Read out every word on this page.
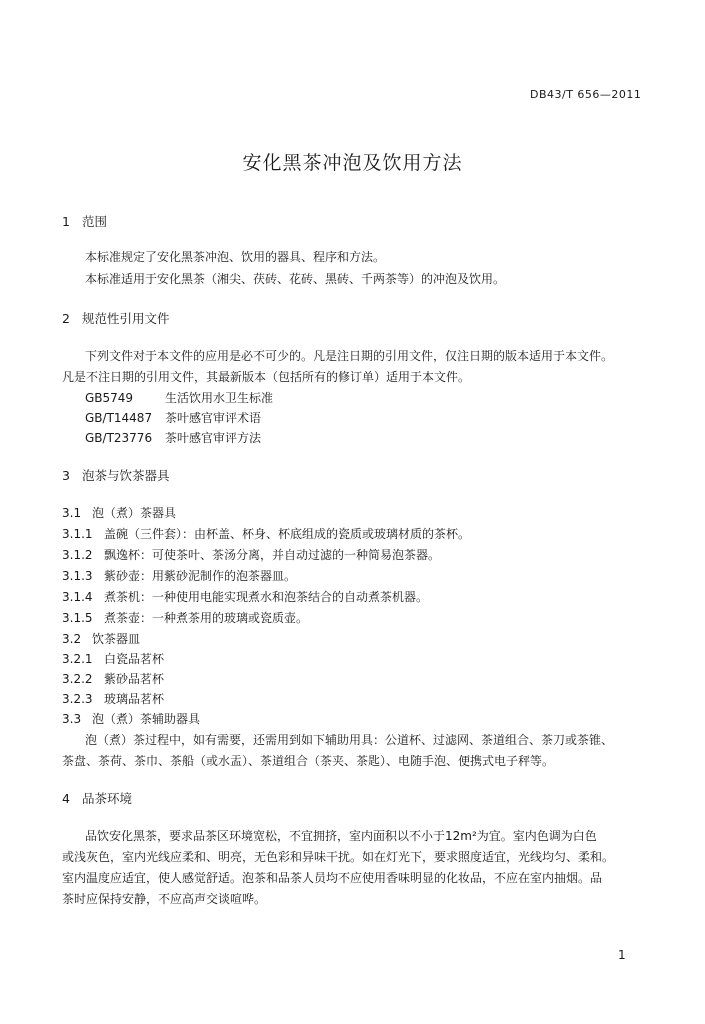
DB43/T 656—2011
安化黑茶冲泡及饮用方法
1 范围
本标准规定了安化黑茶冲泡、饮用的器具、程序和方法。
本标准适用于安化黑茶（湘尖、茯砖、花砖、黑砖、千两茶等）的冲泡及饮用。
2 规范性引用文件
下列文件对于本文件的应用是必不可少的。凡是注日期的引用文件，仅注日期的版本适用于本文件。
凡是不注日期的引用文件，其最新版本（包括所有的修订单）适用于本文件。
GB5749	生活饮用水卫生标准
GB/T14487 茶叶感官审评术语
GB/T23776 茶叶感官审评方法
3 泡茶与饮茶器具
3.1 泡（煮）茶器具
3.1.1 盖碗（三件套）：由杯盖、杯身、杯底组成的瓷质或玻璃材质的茶杯。
3.1.2 飘逸杯：可使茶叶、茶汤分离，并自动过滤的一种简易泡茶器。
3.1.3 紫砂壶：用紫砂泥制作的泡茶器皿。
3.1.4 煮茶机：一种使用电能实现煮水和泡茶结合的自动煮茶机器。
3.1.5 煮茶壶：一种煮茶用的玻璃或瓷质壶。
3.2 饮茶器皿
3.2.1 白瓷品茗杯
3.2.2 紫砂品茗杯
3.2.3 玻璃品茗杯
3.3 泡（煮）茶辅助器具
泡（煮）茶过程中，如有需要，还需用到如下辅助用具：公道杯、过滤网、茶道组合、茶刀或茶锥、
茶盘、茶荷、茶巾、茶船（或水盂）、茶道组合（茶夹、茶匙）、电随手泡、便携式电子秤等。
4 品茶环境
品饮安化黑茶，要求品茶区环境宽松，不宜拥挤，室内面积以不小于12m²为宜。室内色调为白色
或浅灰色，室内光线应柔和、明亮，无色彩和异味干扰。如在灯光下，要求照度适宜，光线均匀、柔和。
室内温度应适宜，使人感觉舒适。泡茶和品茶人员均不应使用香味明显的化妆品，不应在室内抽烟。品
茶时应保持安静，不应高声交谈喧哗。
1
